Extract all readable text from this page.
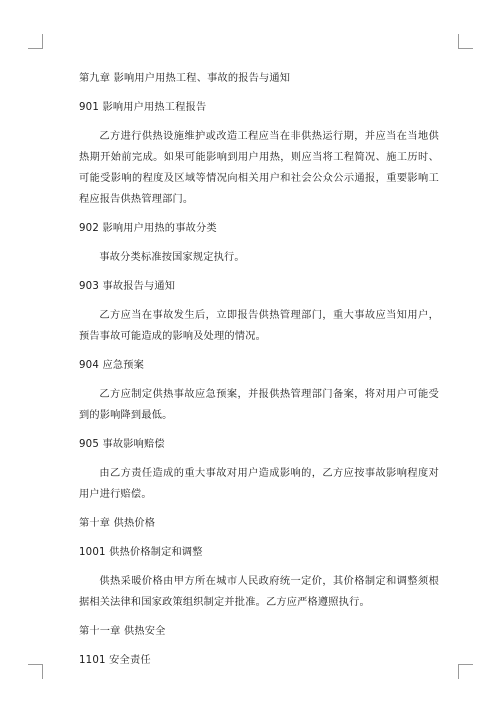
第九章 影响用户用热工程、事故的报告与通知

901 影响用户用热工程报告

乙方进行供热设施维护或改造工程应当在非供热运行期，并应当在当地供热期开始前完成。如果可能影响到用户用热，则应当将工程简况、施工历时、可能受影响的程度及区域等情况向相关用户和社会公众公示通报，重要影响工程应报告供热管理部门。

902 影响用户用热的事故分类

事故分类标准按国家规定执行。

903 事故报告与通知

乙方应当在事故发生后，立即报告供热管理部门，重大事故应当知用户，预告事故可能造成的影响及处理的情况。

904 应急预案

乙方应制定供热事故应急预案，并报供热管理部门备案，将对用户可能受到的影响降到最低。

905 事故影响赔偿

由乙方责任造成的重大事故对用户造成影响的，乙方应按事故影响程度对用户进行赔偿。

第十章 供热价格

1001 供热价格制定和调整

供热采暖价格由甲方所在城市人民政府统一定价，其价格制定和调整须根据相关法律和国家政策组织制定并批准。乙方应严格遵照执行。

第十一章 供热安全

1101 安全责任
